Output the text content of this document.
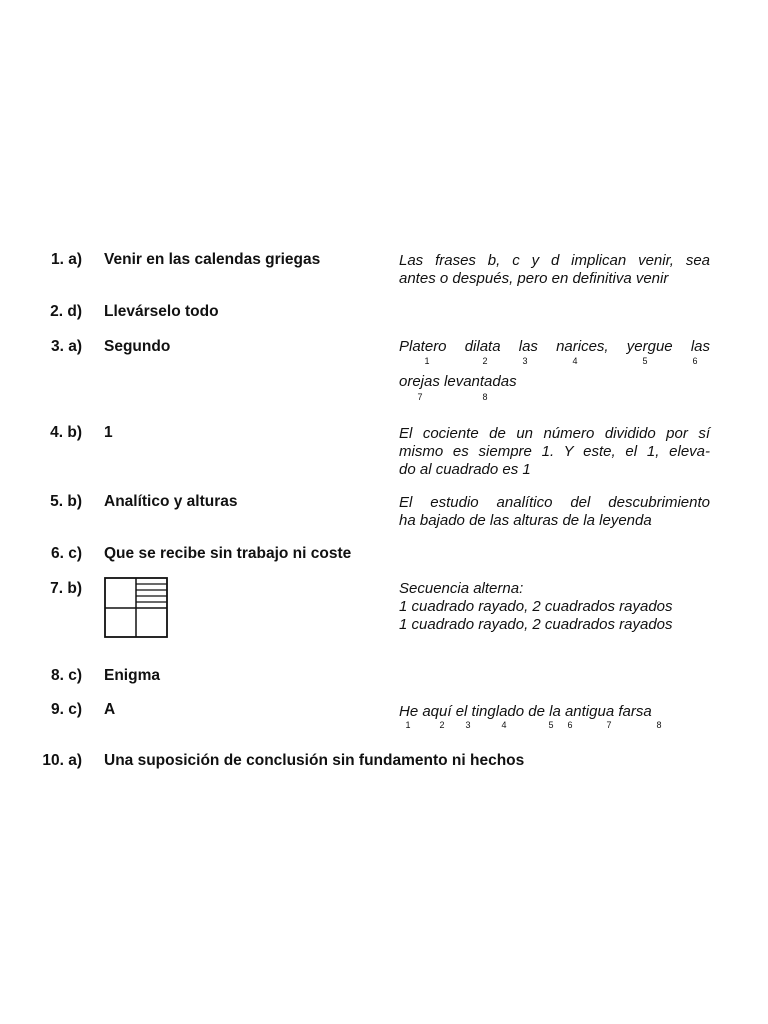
1. a) Venir en las calendas griegas	Las frases b, c y d implican venir, sea
antes o después, pero en definitiva venir
2. d) Llevárselo todo
3. a) Segundo	Platero dilata las narices, yergue las
1	2	3	4	5	6
orejas levantadas
7	8
4. b) 1	El cociente de un número dividido por sí
mismo es siempre 1. Y este, el 1, eleva-
do al cuadrado es 1
5. b) Analítico y alturas	El estudio analítico del descubrimiento
ha bajado de las alturas de la leyenda
6. c) Que se recibe sin trabajo ni coste
7. b)	Secuencia alterna:
1 cuadrado rayado, 2 cuadrados rayados
1 cuadrado rayado, 2 cuadrados rayados
8. c) Enigma
9. c) A	He aquí el tinglado de la antigua farsa
1	2 3	4	5 6	7	8
10. a) Una suposición de conclusión sin fundamento ni hechos
